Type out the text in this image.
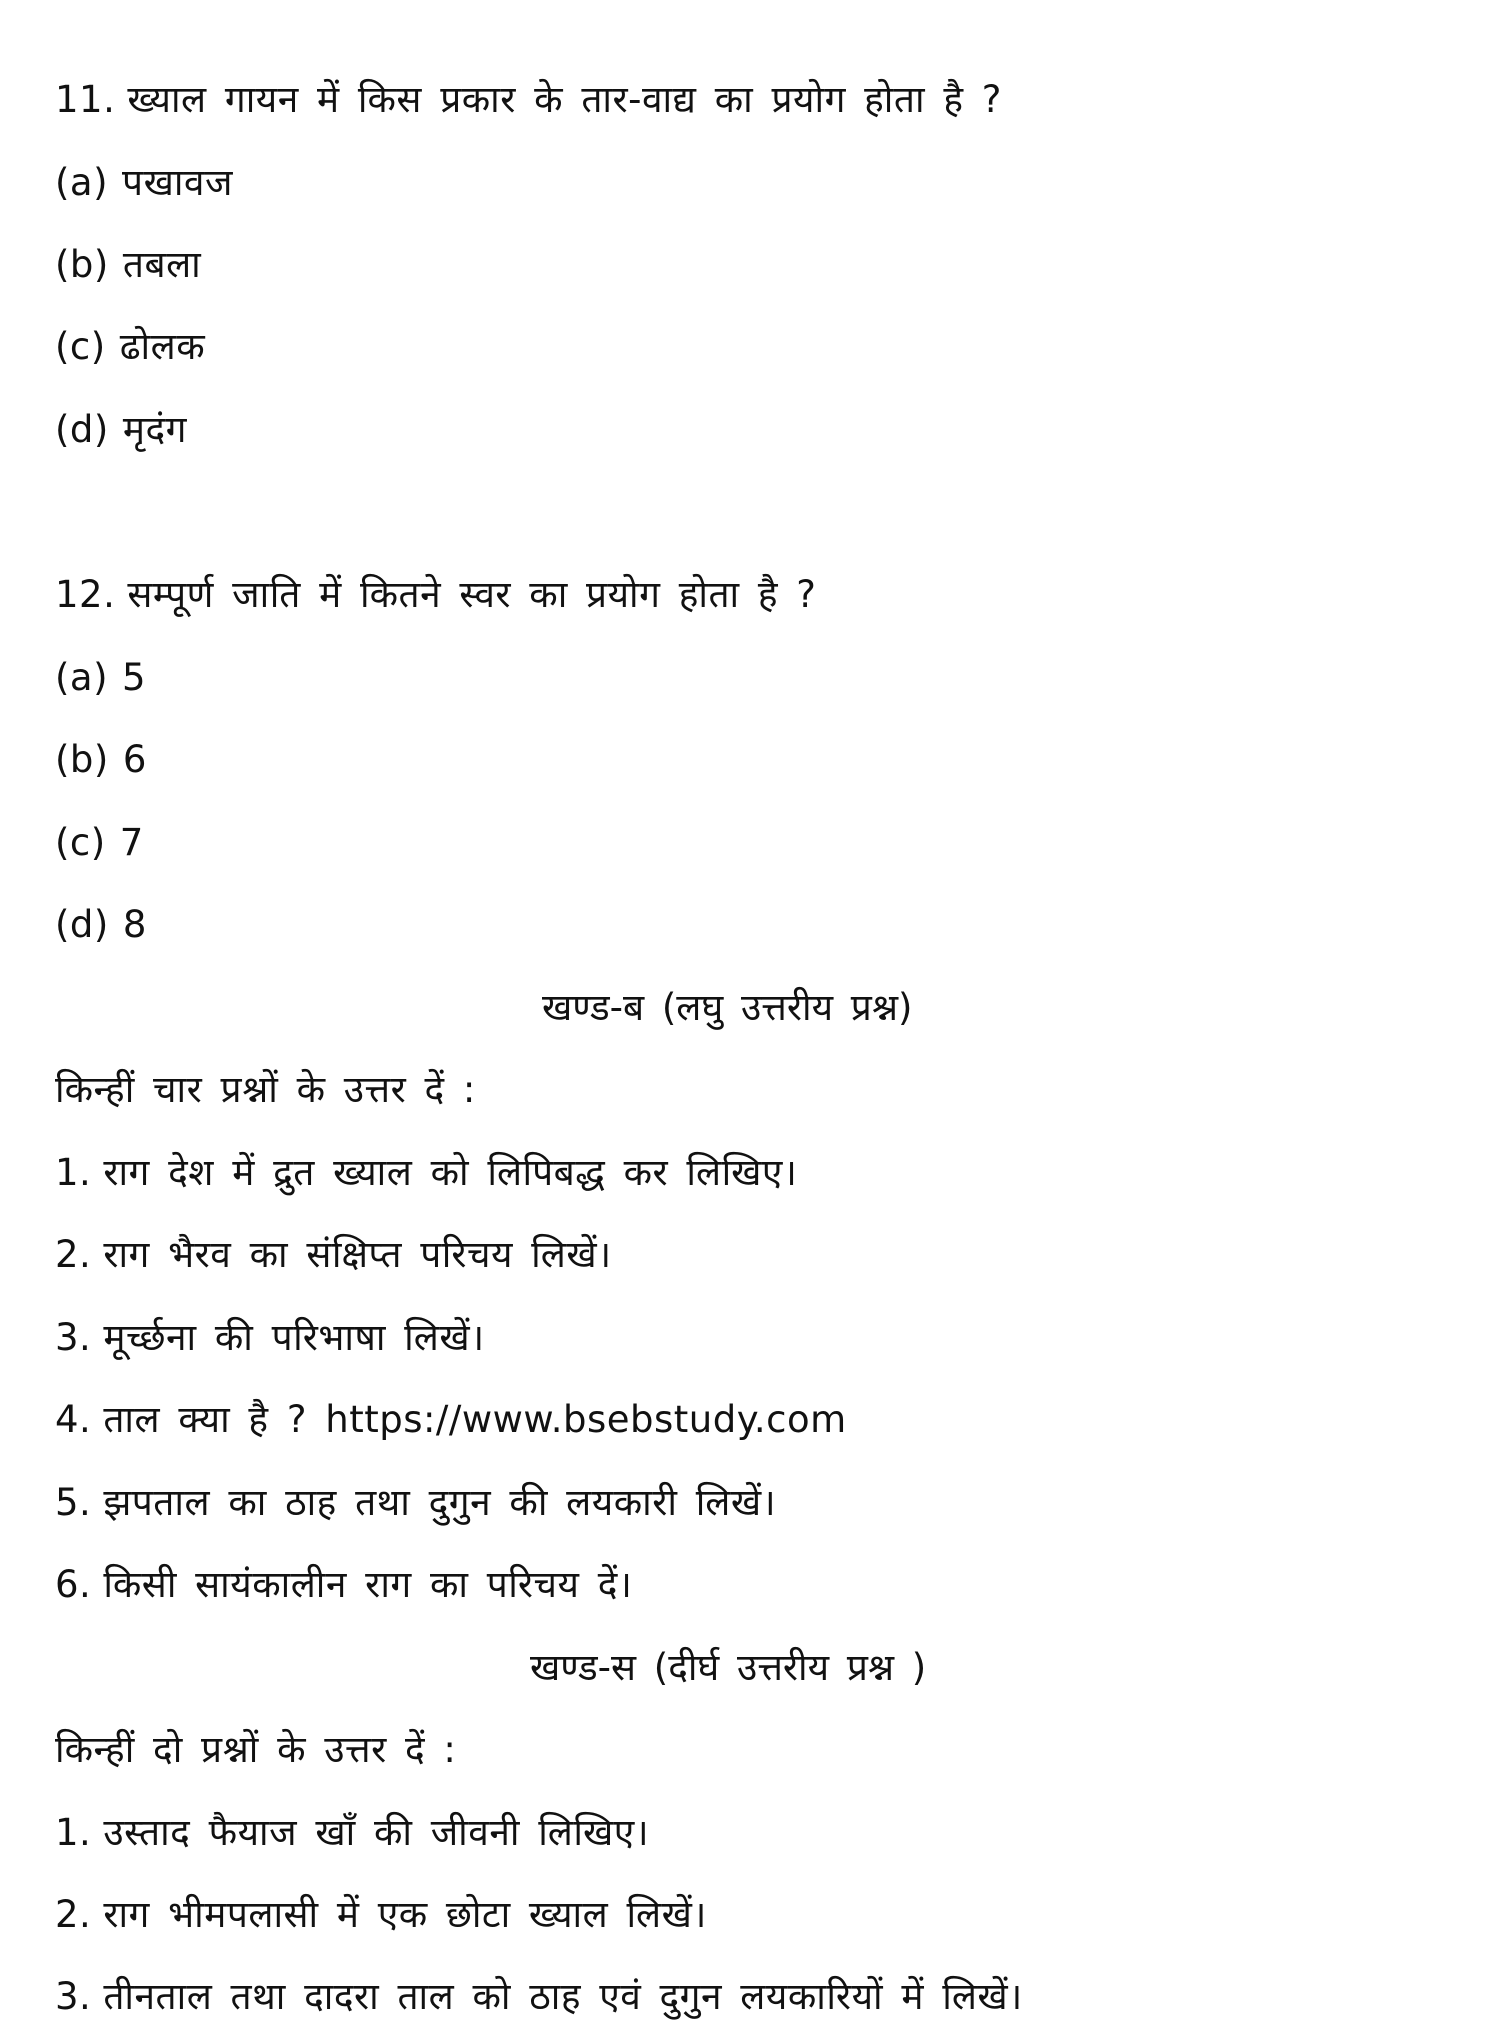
11. ख्याल गायन में किस प्रकार के तार-वाद्य का प्रयोग होता है ?
(a) पखावज
(b) तबला
(c) ढोलक
(d) मृदंग
12. सम्पूर्ण जाति में कितने स्वर का प्रयोग होता है ?
(a) 5
(b) 6
(c) 7
(d) 8
खण्ड-ब (लघु उत्तरीय प्रश्न)
किन्हीं चार प्रश्नों के उत्तर दें :
1. राग देश में द्रुत ख्याल को लिपिबद्ध कर लिखिए।
2. राग भैरव का संक्षिप्त परिचय लिखें।
3. मूर्च्छना की परिभाषा लिखें।
4. ताल क्या है ? https://www.bsebstudy.com
5. झपताल का ठाह तथा दुगुन की लयकारी लिखें।
6. किसी सायंकालीन राग का परिचय दें।
खण्ड-स (दीर्घ उत्तरीय प्रश्न )
किन्हीं दो प्रश्नों के उत्तर दें :
1. उस्ताद फैयाज खाँ की जीवनी लिखिए।
2. राग भीमपलासी में एक छोटा ख्याल लिखें।
3. तीनताल तथा दादरा ताल को ठाह एवं दुगुन लयकारियों में लिखें।
